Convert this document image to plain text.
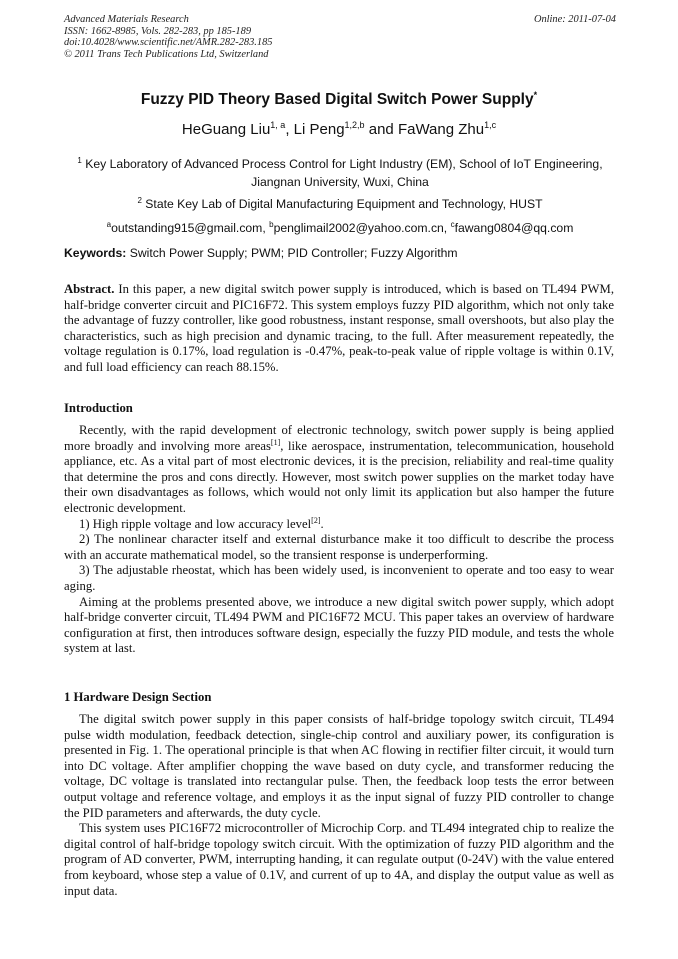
Advanced Materials Research
ISSN: 1662-8985, Vols. 282-283, pp 185-189
doi:10.4028/www.scientific.net/AMR.282-283.185
© 2011 Trans Tech Publications Ltd, Switzerland
Online: 2011-07-04
Fuzzy PID Theory Based Digital Switch Power Supply*
HeGuang Liu$^{1, a}$, Li Peng$^{1,2,b}$ and FaWang Zhu$^{1,c}$
$^1$ Key Laboratory of Advanced Process Control for Light Industry (EM), School of IoT Engineering, Jiangnan University, Wuxi, China
$^2$ State Key Lab of Digital Manufacturing Equipment and Technology, HUST
$^a$outstanding915@gmail.com, $^b$penglimail2002@yahoo.com.cn, $^c$fawang0804@qq.com
Keywords: Switch Power Supply; PWM; PID Controller; Fuzzy Algorithm

Abstract. In this paper, a new digital switch power supply is introduced, which is based on TL494 PWM, half-bridge converter circuit and PIC16F72. This system employs fuzzy PID algorithm, which not only take the advantage of fuzzy controller, like good robustness, instant response, small overshoots, but also play the characteristics, such as high precision and dynamic tracing, to the full. After measurement repeatedly, the voltage regulation is 0.17%, load regulation is -0.47%, peak-to-peak value of ripple voltage is within 0.1V, and full load efficiency can reach 88.15%.

Introduction

Recently, with the rapid development of electronic technology, switch power supply is being applied more broadly and involving more areas[1], like aerospace, instrumentation, telecommunication, household appliance, etc. As a vital part of most electronic devices, it is the precision, reliability and real-time quality that determine the pros and cons directly. However, most switch power supplies on the market today have their own disadvantages as follows, which would not only limit its application but also hamper the future electronic development.

1) High ripple voltage and low accuracy level[2].

2) The nonlinear character itself and external disturbance make it too difficult to describe the process with an accurate mathematical model, so the transient response is underperforming.

3) The adjustable rheostat, which has been widely used, is inconvenient to operate and too easy to wear aging.

Aiming at the problems presented above, we introduce a new digital switch power supply, which adopt half-bridge converter circuit, TL494 PWM and PIC16F72 MCU. This paper takes an overview of hardware configuration at first, then introduces software design, especially the fuzzy PID module, and tests the whole system at last.

1 Hardware Design Section

The digital switch power supply in this paper consists of half-bridge topology switch circuit, TL494 pulse width modulation, feedback detection, single-chip control and auxiliary power, its configuration is presented in Fig. 1. The operational principle is that when AC flowing in rectifier filter circuit, it would turn into DC voltage. After amplifier chopping the wave based on duty cycle, and transformer reducing the voltage, DC voltage is translated into rectangular pulse. Then, the feedback loop tests the error between output voltage and reference voltage, and employs it as the input signal of fuzzy PID controller to change the PID parameters and afterwards, the duty cycle.

This system uses PIC16F72 microcontroller of Microchip Corp. and TL494 integrated chip to realize the digital control of half-bridge topology switch circuit. With the optimization of fuzzy PID algorithm and the program of AD converter, PWM, interrupting handing, it can regulate output (0-24V) with the value entered from keyboard, whose step a value of 0.1V, and current of up to 4A, and display the output value as well as input data.
